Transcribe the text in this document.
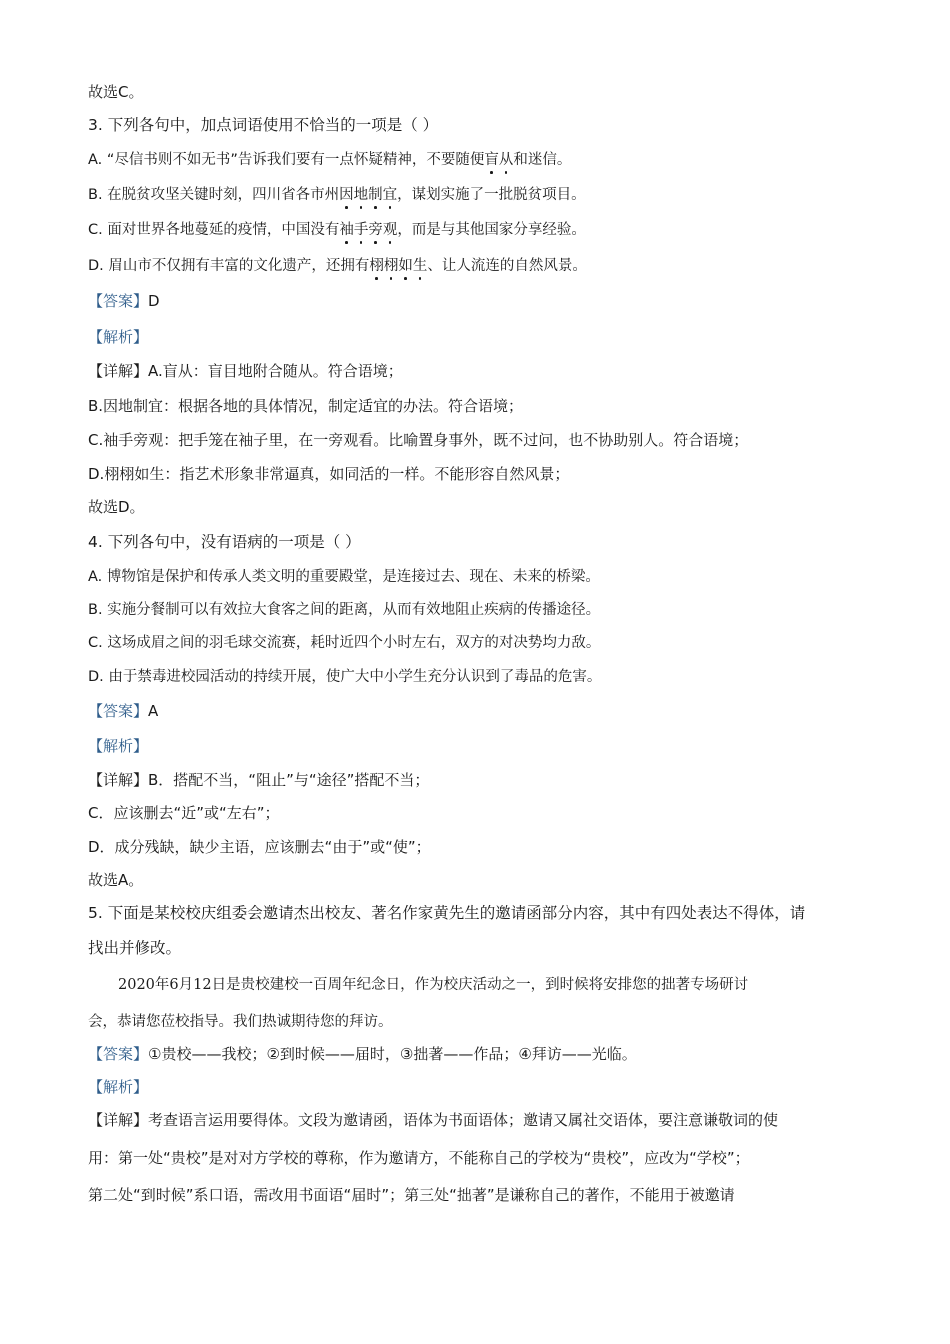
故选C。
3. 下列各句中，加点词语使用不恰当的一项是（ ）
A. “尽信书则不如无书”告诉我们要有一点怀疑精神，不要随便盲从和迷信。
B. 在脱贫攻坚关键时刻，四川省各市州因地制宜，谋划实施了一批脱贫项目。
C. 面对世界各地蔓延的疫情，中国没有袖手旁观，而是与其他国家分享经验。
D. 眉山市不仅拥有丰富的文化遗产，还拥有栩栩如生、让人流连的自然风景。
【答案】D
【解析】
【详解】A.盲从：盲目地附合随从。符合语境；
B.因地制宜：根据各地的具体情况，制定适宜的办法。符合语境；
C.袖手旁观：把手笼在袖子里，在一旁观看。比喻置身事外，既不过问，也不协助别人。符合语境；
D.栩栩如生：指艺术形象非常逼真，如同活的一样。不能形容自然风景；
故选D。
4. 下列各句中，没有语病的一项是（ ）
A. 博物馆是保护和传承人类文明的重要殿堂，是连接过去、现在、未来的桥梁。
B. 实施分餐制可以有效拉大食客之间的距离，从而有效地阻止疾病的传播途径。
C. 这场成眉之间的羽毛球交流赛，耗时近四个小时左右，双方的对决势均力敌。
D. 由于禁毒进校园活动的持续开展，使广大中小学生充分认识到了毒品的危害。
【答案】A
【解析】
【详解】B．搭配不当，“阻止”与“途径”搭配不当；
C．应该删去“近”或“左右”；
D．成分残缺，缺少主语，应该删去“由于”或“使”；
故选A。
5. 下面是某校校庆组委会邀请杰出校友、著名作家黄先生的邀请函部分内容，其中有四处表达不得体，请
找出并修改。
2020年6月12日是贵校建校一百周年纪念日，作为校庆活动之一，到时候将安排您的拙著专场研讨
会，恭请您莅校指导。我们热诚期待您的拜访。
【答案】①贵校——我校；②到时候——届时，③拙著——作品；④拜访——光临。
【解析】
【详解】考查语言运用要得体。文段为邀请函，语体为书面语体；邀请又属社交语体，要注意谦敬词的使
用：第一处“贵校”是对对方学校的尊称，作为邀请方，不能称自己的学校为“贵校”，应改为“学校”；
第二处“到时候”系口语，需改用书面语“届时”；第三处“拙著”是谦称自己的著作，不能用于被邀请
